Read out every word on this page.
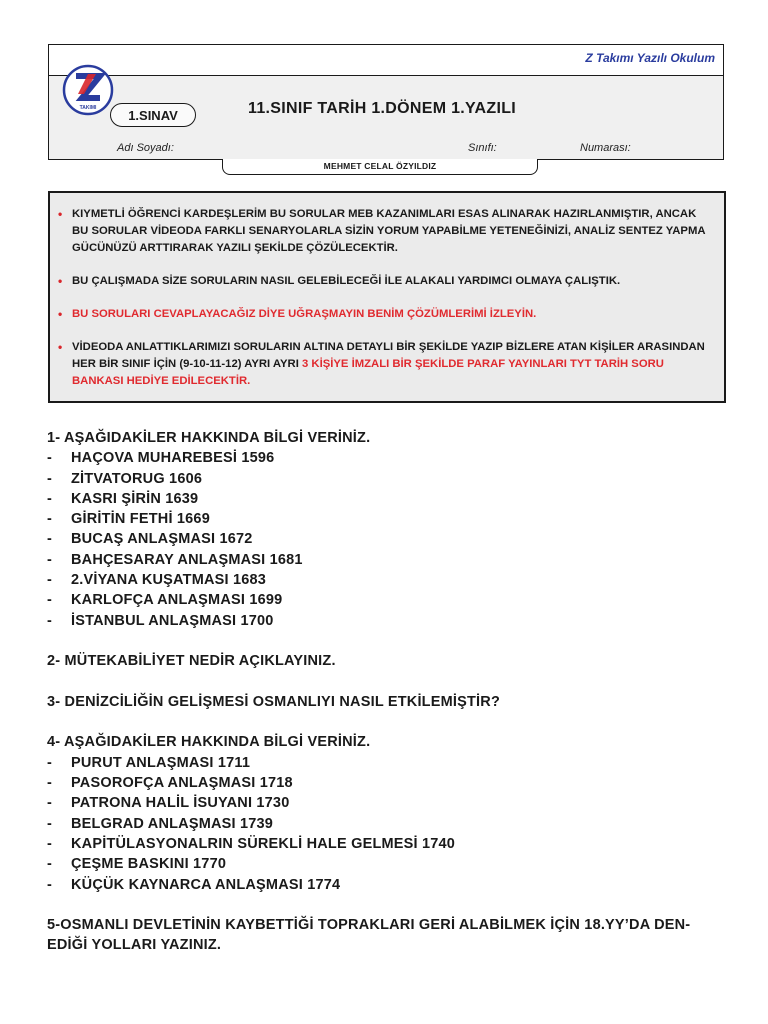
Z Takımı Yazılı Okulum
TAKIMI	1.SINAV	11.SINIF TARİH 1.DÖNEM 1.YAZILI
Adı Soyadı:	Sınıfı:	Numarası:
MEHMET CELAL ÖZYILDIZ
• KIYMETLİ ÖĞRENCİ KARDEŞLERİM BU SORULAR MEB KAZANIMLARI ESAS ALINARAK HAZIRLANMIŞTIR, ANCAK BU SORULAR VİDEODA FARKLI SENARYOLARLA SİZİN YORUM YAPABİLME YETENEĞİNİZİ, ANALİZ SENTEZ YAPMA GÜCÜNÜZÜ ARTTIRARAK YAZILI ŞEKİLDE ÇÖZÜLECEKTİR.
• BU ÇALIŞMADA SİZE SORULARIN NASIL GELEBİLECEĞİ İLE ALAKALI YARDIMCI OLMAYA ÇALIŞTIK.
• BU SORULARI CEVAPLAYACAĞIZ DİYE UĞRAŞMAYIN BENİM ÇÖZÜMLERİMİ İZLEYİN.
• VİDEODA ANLATTIKLARIMIZI SORULARIN ALTINA DETAYLI BİR ŞEKİLDE YAZIP BİZLERE ATAN KİŞİLER ARASINDAN HER BİR SINIF İÇİN (9-10-11-12) AYRI AYRI 3 KİŞİYE İMZALI BİR ŞEKİLDE PARAF YAYINLARI TYT TARİH SORU BANKASI HEDİYE EDİLECEKTİR.

1- AŞAĞIDAKİLER HAKKINDA BİLGİ VERİNİZ.

-	HAÇOVA MUHAREBESİ 1596
-	ZİTVATORUG 1606
-	KASRI ŞİRİN 1639
-	GİRİTİN FETHİ 1669
-	BUCAŞ ANLAŞMASI 1672
-	BAHÇESARAY ANLAŞMASI 1681
-	2.VİYANA KUŞATMASI 1683
-	KARLOFÇA ANLAŞMASI 1699
-	İSTANBUL ANLAŞMASI 1700

2- MÜTEKABİLİYET NEDİR AÇIKLAYINIZ.

3- DENİZCİLİĞİN GELİŞMESİ OSMANLIYI NASIL ETKİLEMİŞTİR?

4- AŞAĞIDAKİLER HAKKINDA BİLGİ VERİNİZ.

-	PURUT ANLAŞMASI 1711
-	PASOROFÇA ANLAŞMASI 1718
-	PATRONA HALİL İSUYANI 1730
-	BELGRAD ANLAŞMASI 1739
-	KAPİTÜLASYONALRIN SÜREKLİ HALE GELMESİ 1740
-	ÇEŞME BASKINI 1770
-	KÜÇÜK KAYNARCA ANLAŞMASI 1774

5-OSMANLI DEVLETİNİN KAYBETTİĞİ TOPRAKLARI GERİ ALABİLMEK İÇİN 18.YY’DA DEN-

EDİĞİ YOLLARI YAZINIZ.
